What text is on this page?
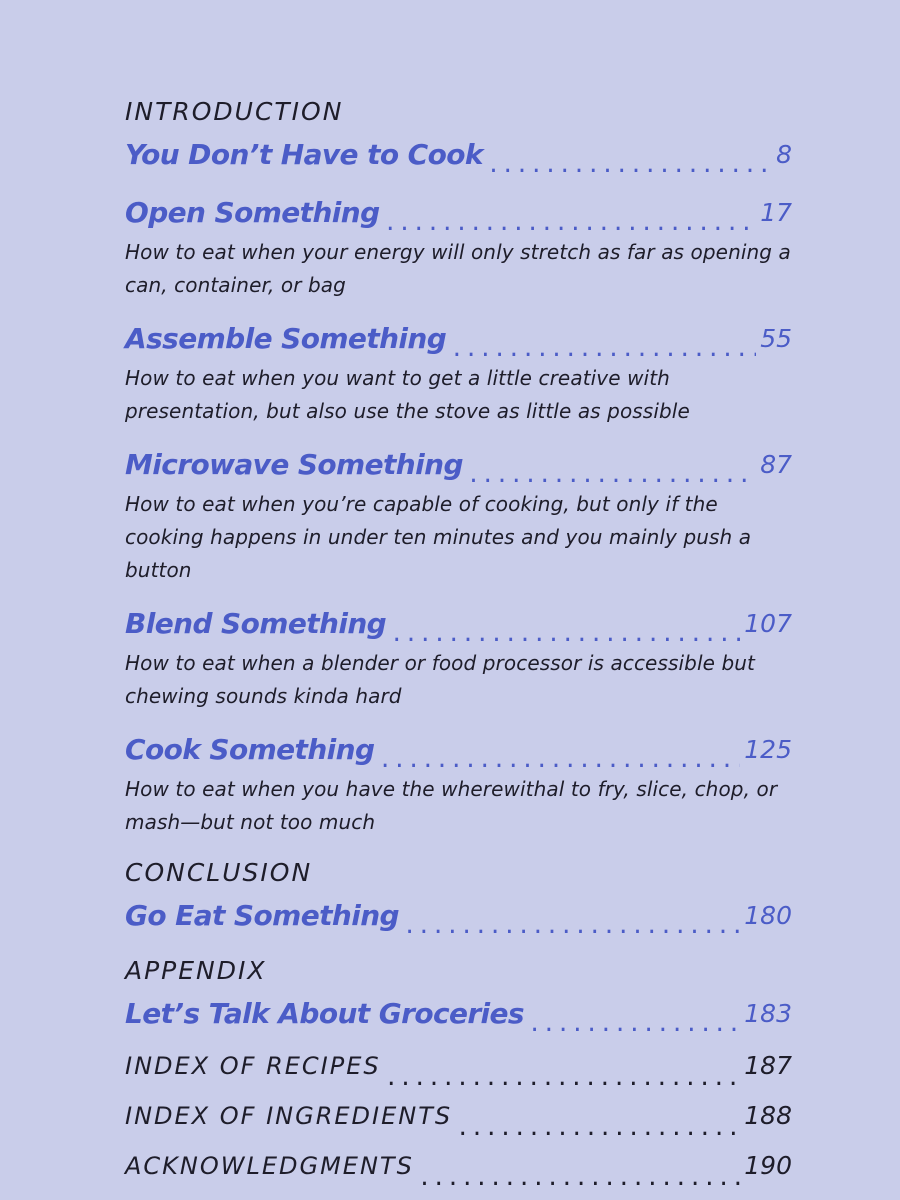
INTRODUCTION
You Don’t Have to Cook .....	8
Open Something .....	17
How to eat when your energy will only stretch as far as opening a can, container, or bag
Assemble Something .....	55
How to eat when you want to get a little creative with presentation, but also use the stove as little as possible
Microwave Something .....	87
How to eat when you’re capable of cooking, but only if the cooking happens in under ten minutes and you mainly push a button
Blend Something .....	107
How to eat when a blender or food processor is accessible but chewing sounds kinda hard
Cook Something .....	125
How to eat when you have the wherewithal to fry, slice, chop, or mash—but not too much
CONCLUSION
Go Eat Something .....	180
APPENDIX
Let’s Talk About Groceries .....	183
INDEX OF RECIPES .....	187
INDEX OF INGREDIENTS .....	188
ACKNOWLEDGMENTS .....	190
